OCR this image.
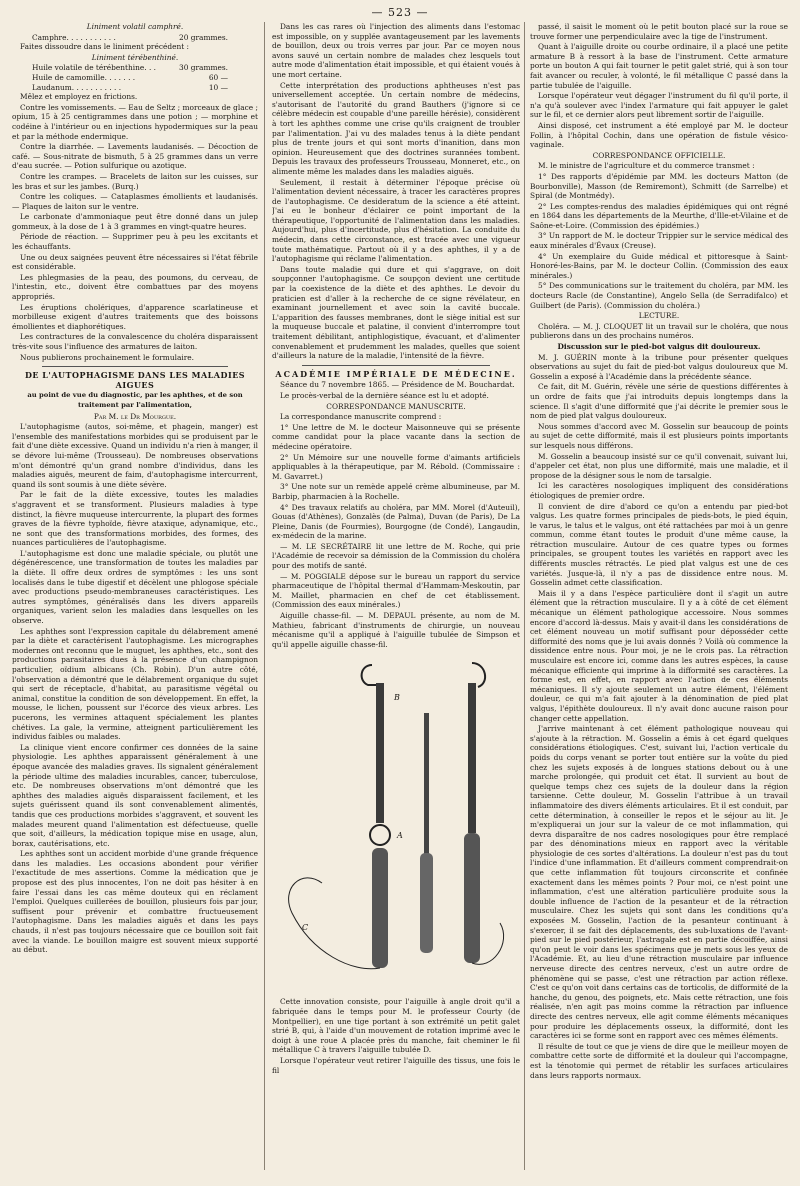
— 523 —

Liniment volatil camphré.

Camphre. . . . . . . . . . .	20 grammes.

Faites dissoudre dans le liniment précédent :

Liniment térébenthiné.

Huile volatile de térébenthine. . .	30 grammes.
Huile de camomille. . . . . . .	60 —
Laudanum. . . . . . . . . . .	10 —

Mêlez et employez en frictions.

Contre les vomissements. — Eau de Seltz ; morceaux de glace ; opium, 15 à 25 centigrammes dans une potion ; — morphine et codéine à l'intérieur ou en injections hypodermiques sur la peau et par la méthode endermique.

Contre la diarrhée. — Lavements laudanisés. — Décoction de café. — Sous-nitrate de bismuth, 5 à 25 grammes dans un verre d'eau sucrée. — Potion sulfurique ou azotique.

Contre les crampes. — Bracelets de laiton sur les cuisses, sur les bras et sur les jambes. (Burq.)

Contre les coliques. — Cataplasmes émollients et laudanisés. — Plaques de laiton sur le ventre.

Le carbonate d'ammoniaque peut être donné dans un julep gommeux, à la dose de 1 à 3 grammes en vingt-quatre heures.

Période de réaction. — Supprimer peu à peu les excitants et les échauffants.

Une ou deux saignées peuvent être nécessaires si l'état fébrile est considérable.

Les phlegmasies de la peau, des poumons, du cerveau, de l'intestin, etc., doivent être combattues par des moyens appropriés.

Les éruptions cholériques, d'apparence scarlatineuse et morbilleuse exigent d'autres traitements que des boissons émollientes et diaphorétiques.

Les contractures de la convalescence du choléra disparaissent très-vite sous l'influence des armatures de laiton.

Nous publierons prochainement le formulaire.

DE L'AUTOPHAGISME DANS LES MALADIES AIGUES

au point de vue du diagnostic, par les aphthes, et de son traitement par l'alimentation,

Par M. le Dr Mourgue.

L'autophagisme (autos, soi-même, et phagein, manger) est l'ensemble des manifestations morbides qui se produisent par le fait d'une diète excessive. Quand un individu n'a rien à manger, il se dévore lui-même (Trousseau). De nombreuses observations m'ont démontré qu'un grand nombre d'individus, dans les maladies aiguës, meurent de faim, d'autophagisme intercurrent, quand ils sont soumis à une diète sévère.

Par le fait de la diète excessive, toutes les maladies s'aggravent et se transforment. Plusieurs maladies à type distinct, la fièvre muqueuse intercurrente, la plupart des formes graves de la fièvre typhoïde, fièvre ataxique, adynamique, etc., ne sont que des transformations morbides, des formes, des nuances particulières de l'autophagisme.

L'autophagisme est donc une maladie spéciale, ou plutôt une dégénérescence, une transformation de toutes les maladies par la diète. Il offre deux ordres de symptômes : les uns sont localisés dans le tube digestif et décèlent une phlogose spéciale avec productions pseudo-membraneuses caractéristiques. Les autres symptômes, généralisés dans les divers appareils organiques, varient selon les maladies dans lesquelles on les observe.

Les aphthes sont l'expression capitale du délabrement amené par la diète et caractérisent l'autophagisme. Les micrographes modernes ont reconnu que le muguet, les aphthes, etc., sont des productions parasitaires dues à la présence d'un champignon particulier, oïdium albicans (Ch. Robin). D'un autre côté, l'observation a démontré que le délabrement organique du sujet qui sert de réceptacle, d'habitat, au parasitisme végétal ou animal, constitue la condition de son développement. En effet, la mousse, le lichen, poussent sur l'écorce des vieux arbres. Les pucerons, les vermines attaquent spécialement les plantes chétives. La gale, la vermine, atteignent particulièrement les individus faibles ou malades.

La clinique vient encore confirmer ces données de la saine physiologie. Les aphthes apparaissent généralement à une époque avancée des maladies graves. Ils signalent généralement la période ultime des maladies incurables, cancer, tuberculose, etc. De nombreuses observations m'ont démontré que les aphthes des maladies aiguës disparaissent facilement, et les sujets guérissent quand ils sont convenablement alimentés, tandis que ces productions morbides s'aggravent, et souvent les malades meurent quand l'alimentation est défectueuse, quelle que soit, d'ailleurs, la médication topique mise en usage, alun, borax, cautérisations, etc.

Les aphthes sont un accident morbide d'une grande fréquence dans les maladies. Les occasions abondent pour vérifier l'exactitude de mes assertions. Comme la médication que je propose est des plus innocentes, l'on ne doit pas hésiter à en faire l'essai dans les cas même douteux qui en réclament l'emploi. Quelques cuillerées de bouillon, plusieurs fois par jour, suffisent pour prévenir et combattre fructueusement l'autophagisme. Dans les maladies aiguës et dans les pays chauds, il n'est pas toujours nécessaire que ce bouillon soit fait avec la viande. Le bouillon maigre est souvent mieux supporté au début.

Dans les cas rares où l'injection des aliments dans l'estomac est impossible, on y supplée avantageusement par les lavements de bouillon, deux ou trois verres par jour. Par ce moyen nous avons sauvé un certain nombre de malades chez lesquels tout autre mode d'alimentation était impossible, et qui étaient voués à une mort certaine.

Cette interprétation des productions aphtheuses n'est pas universellement acceptée. Un certain nombre de médecins, s'autorisant de l'autorité du grand Bauthers (j'ignore si ce célèbre médecin est coupable d'une pareille hérésie), considèrent à tort les aphthes comme une crise qu'ils craignent de troubler par l'alimentation. J'ai vu des malades tenus à la diète pendant plus de trente jours et qui sont morts d'inanition, dans mon opinion. Heureusement que des doctrines surannées tombent. Depuis les travaux des professeurs Trousseau, Monneret, etc., on alimente même les malades dans les maladies aiguës.

Seulement, il restait à déterminer l'époque précise où l'alimentation devient nécessaire, à tracer les caractères propres de l'autophagisme. Ce desideratum de la science a été atteint. J'ai eu le bonheur d'éclairer ce point important de la thérapeutique, l'opportunité de l'alimentation dans les maladies. Aujourd'hui, plus d'incertitude, plus d'hésitation. La conduite du médecin, dans cette circonstance, est tracée avec une vigueur toute mathématique. Partout où il y a des aphthes, il y a de l'autophagisme qui réclame l'alimentation.

Dans toute maladie qui dure et qui s'aggrave, on doit soupçonner l'autophagisme. Ce soupçon devient une certitude par la coexistence de la diète et des aphthes. Le devoir du praticien est d'aller à la recherche de ce signe révélateur, en examinant journellement et avec soin la cavité buccale. L'apparition des fausses membranes, dont le siège initial est sur la muqueuse buccale et palatine, il convient d'interrompre tout traitement débilitant, antiphlogistique, évacuant, et d'alimenter convenablement et prudemment les malades, quelles que soient d'ailleurs la nature de la maladie, l'intensité de la fièvre.

ACADÉMIE IMPÉRIALE DE MÉDECINE.

Séance du 7 novembre 1865. — Présidence de M. Bouchardat.

Le procès-verbal de la dernière séance est lu et adopté.

CORRESPONDANCE MANUSCRITE.

La correspondance manuscrite comprend :

1° Une lettre de M. le docteur Maisonneuve qui se présente comme candidat pour la place vacante dans la section de médecine opératoire.

2° Un Mémoire sur une nouvelle forme d'aimants artificiels appliquables à la thérapeutique, par M. Rébold. (Commissaire : M. Gavarret.)

3° Une note sur un remède appelé crème albumineuse, par M. Barbip, pharmacien à la Rochelle.

4° Des travaux relatifs au choléra, par MM. Morel (d'Auteuil), Gouas (d'Athènes), Gonzalès (de Palma), Duvan (de Paris), De La Pleine, Danis (de Fourmies), Bourgogne (de Condé), Langaudin, ex-médecin de la marine.

— M. LE SECRÉTAIRE lit une lettre de M. Roche, qui prie l'Académie de recevoir sa démission de la Commission du choléra pour des motifs de santé.

— M. POGGIALE dépose sur le bureau un rapport du service pharmaceutique de l'hôpital thermal d'Hammam-Meskoutin, par M. Maillet, pharmacien en chef de cet établissement. (Commission des eaux minérales.)

Aiguille chasse-fil. — M. DEPAUL présente, au nom de M. Mathieu, fabricant d'instruments de chirurgie, un nouveau mécanisme qu'il a appliqué à l'aiguille tubulée de Simpson et qu'il appelle aiguille chasse-fil.

A
B
C

Cette innovation consiste, pour l'aiguille à angle droit qu'il a fabriquée dans le temps pour M. le professeur Courty (de Montpellier), en une tige portant à son extrémité un petit galet strié B, qui, à l'aide d'un mouvement de rotation imprimé avec le doigt à une roue A placée près du manche, fait cheminer le fil métallique C à travers l'aiguille tubulée D.

Lorsque l'opérateur veut retirer l'aiguille des tissus, une fois le fil

passé, il saisit le moment où le petit bouton placé sur la roue se trouve former une perpendiculaire avec la tige de l'instrument.

Quant à l'aiguille droite ou courbe ordinaire, il a placé une petite armature B à ressort à la base de l'instrument. Cette armature porte un bouton A qui fait tourner le petit galet strié, qui à son tour fait avancer ou reculer, à volonté, le fil métallique C passé dans la partie tubulée de l'aiguille.

Lorsque l'opérateur veut dégager l'instrument du fil qu'il porte, il n'a qu'à soulever avec l'index l'armature qui fait appuyer le galet sur le fil, et ce dernier alors peut librement sortir de l'aiguille.

Ainsi disposé, cet instrument a été employé par M. le docteur Follin, à l'hôpital Cochin, dans une opération de fistule vésico-vaginale.

CORRESPONDANCE OFFICIELLE.

M. le ministre de l'agriculture et du commerce transmet :

1° Des rapports d'épidémie par MM. les docteurs Matton (de Bourbonville), Masson (de Remiremont), Schmitt (de Sarrelbe) et Spiral (de Montmédy).

2° Les comptes-rendus des maladies épidémiques qui ont régné en 1864 dans les départements de la Meurthe, d'Ille-et-Vilaine et de Saône-et-Loire. (Commission des épidémies.)

3° Un rapport de M. le docteur Trippier sur le service médical des eaux minérales d'Évaux (Creuse).

4° Un exemplaire du Guide médical et pittoresque à Saint-Honoré-les-Bains, par M. le docteur Collin. (Commission des eaux minérales.)

5° Des communications sur le traitement du choléra, par MM. les docteurs Racle (de Constantine), Angelo Sella (de Serradifalco) et Guilbert (de Paris). (Commission du choléra.)

LECTURE.

Choléra. — M. J. CLOQUET lit un travail sur le choléra, que nous publierons dans un des prochains numéros.

Discussion sur le pied-bot valgus dit douloureux.

M. J. GUÉRIN monte à la tribune pour présenter quelques observations au sujet du fait de pied-bot valgus douloureux que M. Gosselin a exposé à l'Académie dans la précédente séance.

Ce fait, dit M. Guérin, révèle une série de questions différentes à un ordre de faits que j'ai introduits depuis longtemps dans la science. Il s'agit d'une difformité que j'ai décrite le premier sous le nom de pied plat valgus douloureux.

Nous sommes d'accord avec M. Gosselin sur beaucoup de points au sujet de cette difformité, mais il est plusieurs points importants sur lesquels nous différons.

M. Gosselin a beaucoup insisté sur ce qu'il convenait, suivant lui, d'appeler cet état, non plus une difformité, mais une maladie, et il propose de la désigner sous le nom de tarsalgie.

Ici les caractères nosologiques impliquent des considérations étiologiques de premier ordre.

Il convient de dire d'abord ce qu'on a entendu par pied-bot valgus. Les quatre formes principales de pieds-bots, le pied équin, le varus, le talus et le valgus, ont été rattachées par moi à un genre commun, comme étant toutes le produit d'une même cause, la rétraction musculaire. Autour de ces quatre types ou formes principales, se groupent toutes les variétés en rapport avec les différents muscles rétractés. Le pied plat valgus est une de ces variétés. Jusque-là, il n'y a pas de dissidence entre nous. M. Gosselin admet cette classification.

Mais il y a dans l'espèce particulière dont il s'agit un autre élément que la rétraction musculaire. Il y a à côté de cet élément mécanique un élément pathologique accessoire. Nous sommes encore d'accord là-dessus. Mais y avait-il dans les considérations de cet élément nouveau un motif suffisant pour déposséder cette difformité des noms que je lui avais donnés ? Voilà où commence la dissidence entre nous. Pour moi, je ne le crois pas. La rétraction musculaire est encore ici, comme dans les autres espèces, la cause mécanique efficiente qui imprime à la difformité ses caractères. La forme est, en effet, en rapport avec l'action de ces éléments mécaniques. Il s'y ajoute seulement un autre élément, l'élément douleur, ce qui m'a fait ajouter à la dénomination de pied plat valgus, l'épithète douloureux. Il n'y avait donc aucune raison pour changer cette appellation.

J'arrive maintenant à cet élément pathologique nouveau qui s'ajoute à la rétraction. M. Gosselin a émis à cet égard quelques considérations étiologiques. C'est, suivant lui, l'action verticale du poids du corps venant se porter tout entière sur la voûte du pied chez les sujets exposés à de longues stations debout ou à une marche prolongée, qui produit cet état. Il survient au bout de quelque temps chez ces sujets de la douleur dans la région tarsienne. Cette douleur, M. Gosselin l'attribue à un travail inflammatoire des divers éléments articulaires. Et il est conduit, par cette détermination, à conseiller le repos et le séjour au lit. Je m'expliquerai un jour sur la valeur de ce mot inflammation, qui devra disparaître de nos cadres nosologiques pour être remplacé par des dénominations mieux en rapport avec la véritable physiologie de ces sortes d'altérations. La douleur n'est pas du tout l'indice d'une inflammation. Et d'ailleurs comment comprendrait-on que cette inflammation fût toujours circonscrite et confinée exactement dans les mêmes points ? Pour moi, ce n'est point une inflammation, c'est une altération particulière produite sous la double influence de l'action de la pesanteur et de la rétraction musculaire. Chez les sujets qui sont dans les conditions qu'a exposées M. Gosselin, l'action de la pesanteur continuant à s'exercer, il se fait des déplacements, des sub-luxations de l'avant-pied sur le pied postérieur, l'astragale est en partie décoiffée, ainsi qu'on peut le voir dans les spécimens que je mets sous les yeux de l'Académie. Et, au lieu d'une rétraction musculaire par influence nerveuse directe des centres nerveux, c'est un autre ordre de phénomène qui se passe, c'est une rétraction par action réflexe. C'est ce qu'on voit dans certains cas de torticolis, de difformité de la hanche, du genou, des poignets, etc. Mais cette rétraction, une fois réalisée, n'en agit pas moins comme la rétraction par influence directe des centres nerveux, elle agit comme éléments mécaniques pour produire les déplacements osseux, la difformité, dont les caractères ici se forme sont en rapport avec ces mêmes éléments.

Il résulte de tout ce que je viens de dire que le meilleur moyen de combattre cette sorte de difformité et la douleur qui l'accompagne, est la ténotomie qui permet de rétablir les surfaces articulaires dans leurs rapports normaux.
